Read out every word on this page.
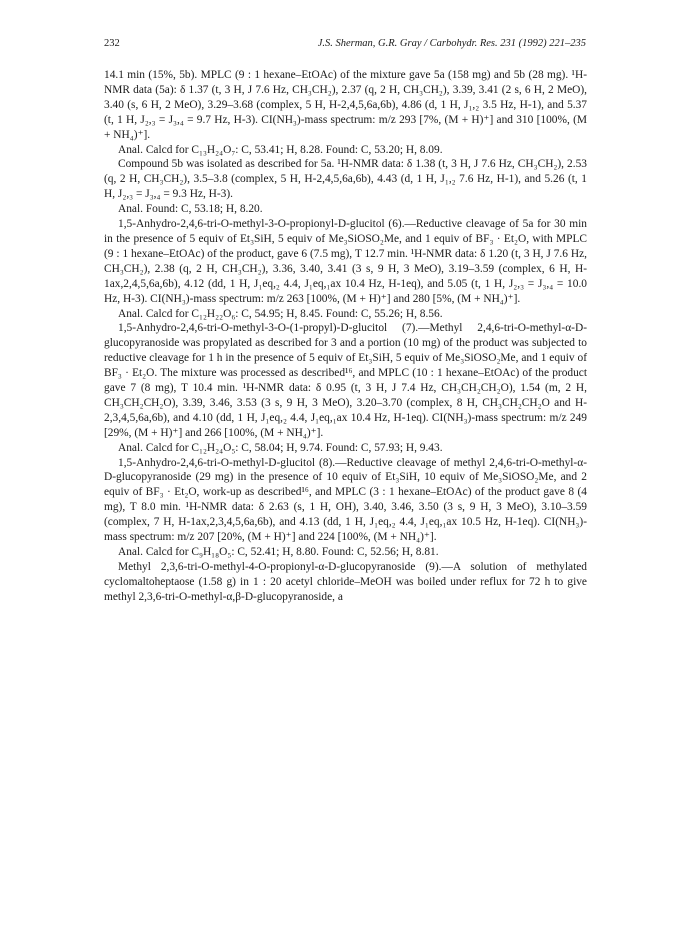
232	J.S. Sherman, G.R. Gray / Carbohydr. Res. 231 (1992) 221–235

14.1 min (15%, 5b). MPLC (9 : 1 hexane–EtOAc) of the mixture gave 5a (158 mg) and 5b (28 mg). ¹H-NMR data (5a): δ 1.37 (t, 3 H, J 7.6 Hz, CH₃CH₂), 2.37 (q, 2 H, CH₃CH₂), 3.39, 3.41 (2 s, 6 H, 2 MeO), 3.40 (s, 6 H, 2 MeO), 3.29–3.68 (complex, 5 H, H-2,4,5,6a,6b), 4.86 (d, 1 H, J₁,₂ 3.5 Hz, H-1), and 5.37 (t, 1 H, J₂,₃ = J₃,₄ = 9.7 Hz, H-3). CI(NH₃)-mass spectrum: m/z 293 [7%, (M + H)⁺] and 310 [100%, (M + NH₄)⁺].

Anal. Calcd for C₁₃H₂₄O₇: C, 53.41; H, 8.28. Found: C, 53.20; H, 8.09.

Compound 5b was isolated as described for 5a. ¹H-NMR data: δ 1.38 (t, 3 H, J 7.6 Hz, CH₃CH₂), 2.53 (q, 2 H, CH₃CH₂), 3.5–3.8 (complex, 5 H, H-2,4,5,6a,6b), 4.43 (d, 1 H, J₁,₂ 7.6 Hz, H-1), and 5.26 (t, 1 H, J₂,₃ = J₃,₄ = 9.3 Hz, H-3).

Anal. Found: C, 53.18; H, 8.20.

1,5-Anhydro-2,4,6-tri-O-methyl-3-O-propionyl-D-glucitol (6).—Reductive cleavage of 5a for 30 min in the presence of 5 equiv of Et₃SiH, 5 equiv of Me₃SiOSO₂Me, and 1 equiv of BF₃ · Et₂O, with MPLC (9 : 1 hexane–EtOAc) of the product, gave 6 (7.5 mg), T 12.7 min. ¹H-NMR data: δ 1.20 (t, 3 H, J 7.6 Hz, CH₃CH₂), 2.38 (q, 2 H, CH₃CH₂), 3.36, 3.40, 3.41 (3 s, 9 H, 3 MeO), 3.19–3.59 (complex, 6 H, H-1ax,2,4,5,6a,6b), 4.12 (dd, 1 H, J₁eq,₂ 4.4, J₁eq,₁ax 10.4 Hz, H-1eq), and 5.05 (t, 1 H, J₂,₃ = J₃,₄ = 10.0 Hz, H-3). CI(NH₃)-mass spectrum: m/z 263 [100%, (M + H)⁺] and 280 [5%, (M + NH₄)⁺].

Anal. Calcd for C₁₂H₂₂O₆: C, 54.95; H, 8.45. Found: C, 55.26; H, 8.56.

1,5-Anhydro-2,4,6-tri-O-methyl-3-O-(1-propyl)-D-glucitol (7).—Methyl 2,4,6-tri-O-methyl-α-D-glucopyranoside was propylated as described for 3 and a portion (10 mg) of the product was subjected to reductive cleavage for 1 h in the presence of 5 equiv of Et₃SiH, 5 equiv of Me₃SiOSO₂Me, and 1 equiv of BF₃ · Et₂O. The mixture was processed as described¹⁶, and MPLC (10 : 1 hexane–EtOAc) of the product gave 7 (8 mg), T 10.4 min. ¹H-NMR data: δ 0.95 (t, 3 H, J 7.4 Hz, CH₃CH₂CH₂O), 1.54 (m, 2 H, CH₃CH₂CH₂O), 3.39, 3.46, 3.53 (3 s, 9 H, 3 MeO), 3.20–3.70 (complex, 8 H, CH₃CH₂CH₂O and H-2,3,4,5,6a,6b), and 4.10 (dd, 1 H, J₁eq,₂ 4.4, J₁eq,₁ax 10.4 Hz, H-1eq). CI(NH₃)-mass spectrum: m/z 249 [29%, (M + H)⁺] and 266 [100%, (M + NH₄)⁺].

Anal. Calcd for C₁₂H₂₄O₅: C, 58.04; H, 9.74. Found: C, 57.93; H, 9.43.

1,5-Anhydro-2,4,6-tri-O-methyl-D-glucitol (8).—Reductive cleavage of methyl 2,4,6-tri-O-methyl-α-D-glucopyranoside (29 mg) in the presence of 10 equiv of Et₃SiH, 10 equiv of Me₃SiOSO₂Me, and 2 equiv of BF₃ · Et₂O, work-up as described¹⁶, and MPLC (3 : 1 hexane–EtOAc) of the product gave 8 (4 mg), T 8.0 min. ¹H-NMR data: δ 2.63 (s, 1 H, OH), 3.40, 3.46, 3.50 (3 s, 9 H, 3 MeO), 3.10–3.59 (complex, 7 H, H-1ax,2,3,4,5,6a,6b), and 4.13 (dd, 1 H, J₁eq,₂ 4.4, J₁eq,₁ax 10.5 Hz, H-1eq). CI(NH₃)-mass spectrum: m/z 207 [20%, (M + H)⁺] and 224 [100%, (M + NH₄)⁺].

Anal. Calcd for C₉H₁₈O₅: C, 52.41; H, 8.80. Found: C, 52.56; H, 8.81.

Methyl 2,3,6-tri-O-methyl-4-O-propionyl-α-D-glucopyranoside (9).—A solution of methylated cyclomaltoheptaose (1.58 g) in 1 : 20 acetyl chloride–MeOH was boiled under reflux for 72 h to give methyl 2,3,6-tri-O-methyl-α,β-D-glucopyranoside, a
